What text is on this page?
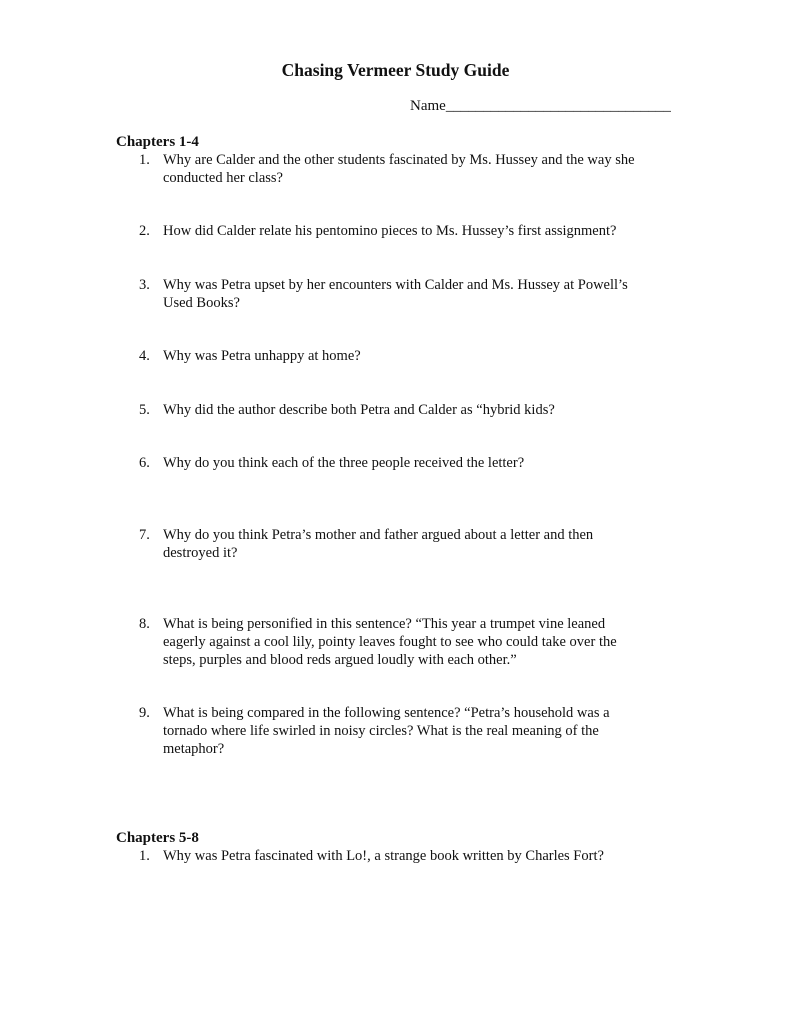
Chasing Vermeer Study Guide
Name______________________________
Chapters 1-4
1. Why are Calder and the other students fascinated by Ms. Hussey and the way she
conducted her class?
2. How did Calder relate his pentomino pieces to Ms. Hussey’s first assignment?
3. Why was Petra upset by her encounters with Calder and Ms. Hussey at Powell’s
Used Books?
4. Why was Petra unhappy at home?
5. Why did the author describe both Petra and Calder as “hybrid kids?
6. Why do you think each of the three people received the letter?
7. Why do you think Petra’s mother and father argued about a letter and then
destroyed it?
8. What is being personified in this sentence? “This year a trumpet vine leaned
eagerly against a cool lily, pointy leaves fought to see who could take over the
steps, purples and blood reds argued loudly with each other.”
9. What is being compared in the following sentence? “Petra’s household was a
tornado where life swirled in noisy circles? What is the real meaning of the
metaphor?
Chapters 5-8
1. Why was Petra fascinated with Lo!, a strange book written by Charles Fort?
